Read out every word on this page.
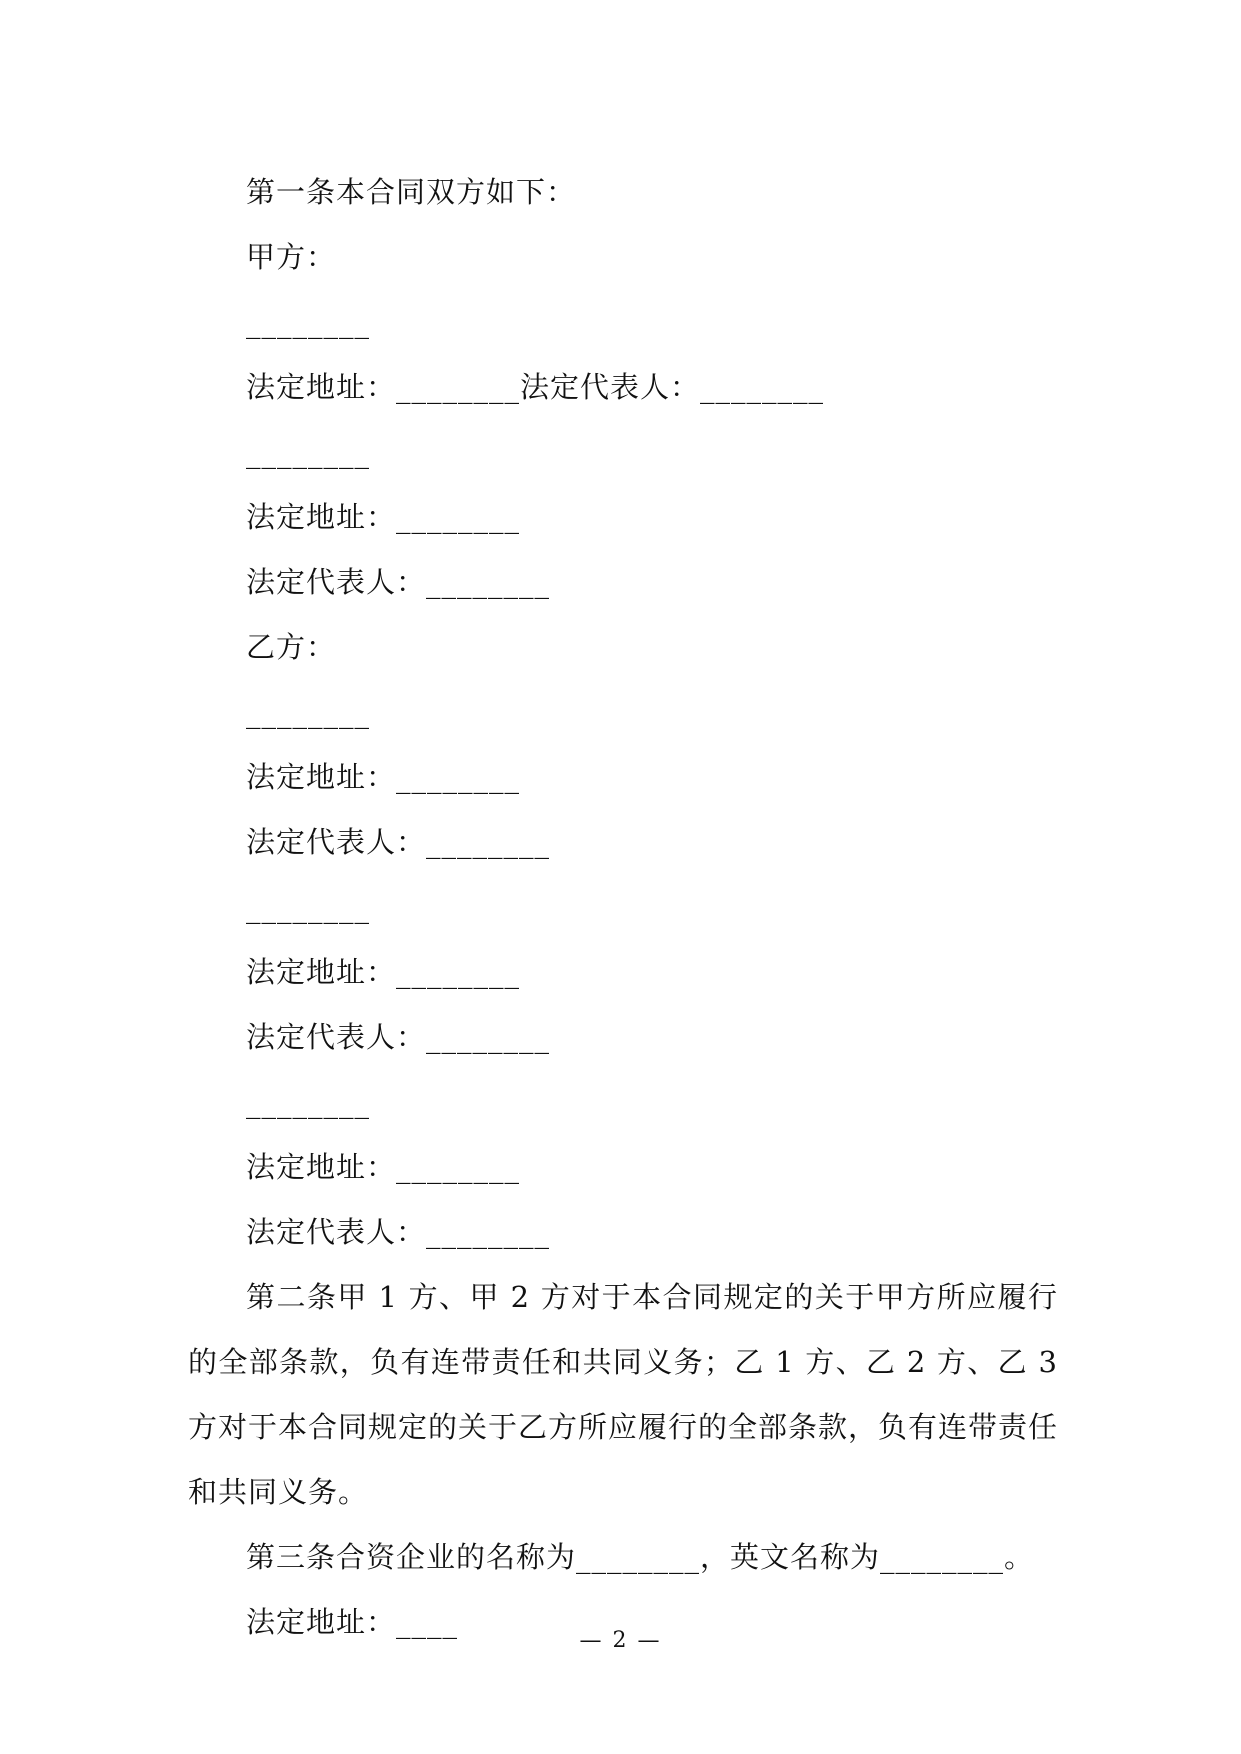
第一条本合同双方如下：

甲方：

________

法定地址：________法定代表人：________

________

法定地址：________

法定代表人：________

乙方：

________

法定地址：________

法定代表人：________

________

法定地址：________

法定代表人：________

________

法定地址：________

法定代表人：________

第二条甲 1 方、甲 2 方对于本合同规定的关于甲方所应履行的全部条款，负有连带责任和共同义务；乙 1 方、乙 2 方、乙 3 方对于本合同规定的关于乙方所应履行的全部条款，负有连带责任和共同义务。

第三条合资企业的名称为________，英文名称为________。

法定地址：____

— 2 —
